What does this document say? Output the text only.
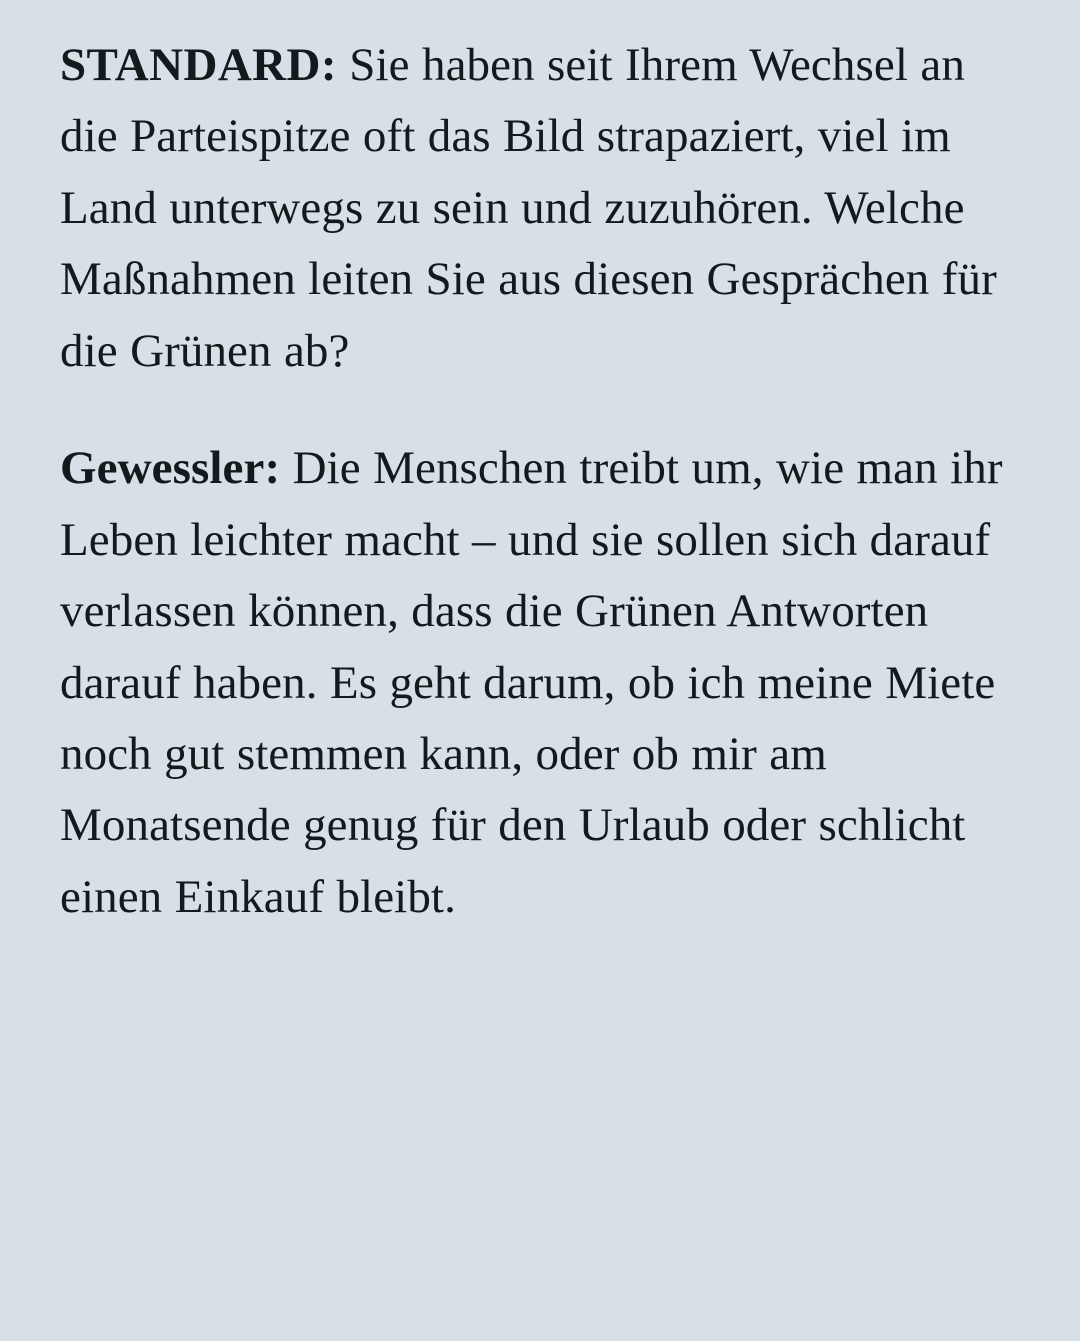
STANDARD: Sie haben seit Ihrem Wechsel an die Parteispitze oft das Bild strapaziert, viel im Land unterwegs zu sein und zuzuhören. Welche Maßnahmen leiten Sie aus diesen Gesprächen für die Grünen ab?

Gewessler: Die Menschen treibt um, wie man ihr Leben leichter macht – und sie sollen sich darauf verlassen können, dass die Grünen Antworten darauf haben. Es geht darum, ob ich meine Miete noch gut stemmen kann, oder ob mir am Monatsende genug für den Urlaub oder schlicht einen Einkauf bleibt.
